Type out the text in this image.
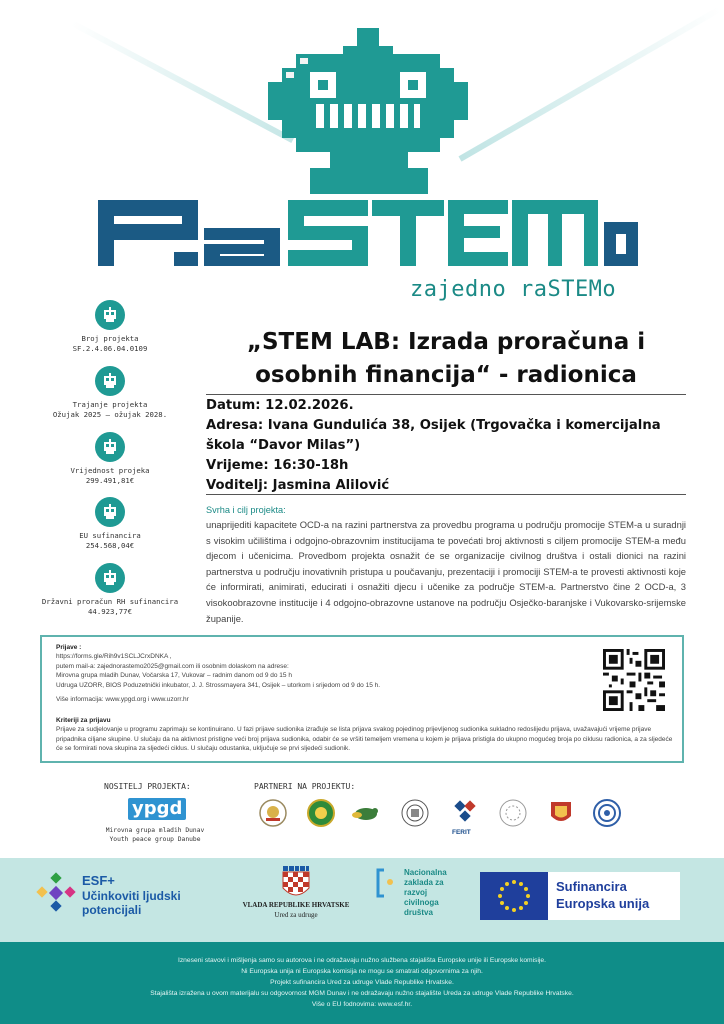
zajedno raSTEMo
Broj projekta
SF.2.4.06.04.0109
Trajanje projekta
Ožujak 2025 – ožujak 2028.
Vrijednost projeka
299.491,81€
EU sufinancira
254.568,04€
Državni proračun RH sufinancira
44.923,77€
„STEM LAB: Izrada proračuna i
osobnih financija“ - radionica
Datum: 12.02.2026.
Adresa: Ivana Gundulića 38, Osijek (Trgovačka i komercijalna
škola “Davor Milas”)
Vrijeme: 16:30-18h
Voditelj: Jasmina Alilović
Svrha i cilj projekta:
unaprijediti kapacitete OCD-a na razini partnerstva za provedbu programa u području promocije STEM-a u suradnji s visokim učilištima i odgojno-obrazovnim institucijama te povećati broj aktivnosti s ciljem promocije STEM-a među djecom i učenicima. Provedbom projekta osnažit će se organizacije civilnog društva i ostali dionici na razini partnerstva u području inovativnih pristupa u poučavanju, prezentaciji i promociji STEM-a te provesti aktivnosti koje će informirati, animirati, educirati i osnažiti djecu i učenike za područje STEM-a. Partnerstvo čine 2 OCD-a, 3 visokoobrazovne institucije i 4 odgojno-obrazovne ustanove na području Osječko-baranjske i Vukovarsko-srijemske županije.
Prijave :
https://forms.gle/Rih9v1SCLJCrxDNKA ,
putem mail-a: zajednorastemo2025@gmail.com ili osobnim dolaskom na adrese:
Mirovna grupa mladih Dunav, Vočarska 17, Vukovar – radnim danom od 9 do 15 h
Udruga UZORR, BIOS Poduzetnički inkubator, J. J. Strossmayera 341, Osijek – utorkom i srijedom od 9 do 15 h.
Više informacija: www.ypgd.org i www.uzorr.hr
Kriteriji za prijavu
Prijave za sudjelovanje u programu zaprimaju se kontinuirano. U fazi prijave sudionika izrađuje se lista prijava svakog pojedinog prijevljenog sudionika sukladno redoslijedu prijava, uvažavajući vrijeme prijave pripadnika ciljane skupine. U slučaju da na aktivnost pristigne veći broj prijava sudionika, odabir će se vršiti temeljem vremena u kojem je prijava pristigla do ukupno mogućeg broja po ciklusu radionica, a za sljedeće će se formirati nova skupina za sljedeći ciklus. U slučaju odustanka, uključuje se prvi sljedeći sudionik.
NOSITELJ PROJEKTA:	PARTNERI NA PROJEKTU:
ypgd
Mirovna grupa mladih Dunav
Youth peace group Danube
FERIT
ESF+
Učinkoviti ljudski
potencijali	VLADA REPUBLIKE HRVATSKE
Ured za udruge
Nacionalna
zaklada za
razvoj
civilnoga
društva
Sufinancira
Europska unija
Izneseni stavovi i mišljenja samo su autorova i ne odražavaju nužno službena stajališta Europske unije ili Europske komisije.
Ni Europska unija ni Europska komisija ne mogu se smatrati odgovornima za njih.
Projekt sufinancira Ured za udruge Vlade Republike Hrvatske.
Stajališta izražena u ovom materijalu su odgovornost MGM Dunav i ne odražavaju nužno stajalište Ureda za udruge Vlade Republike Hrvatske.
Više o EU fodnovima: www.esf.hr.
